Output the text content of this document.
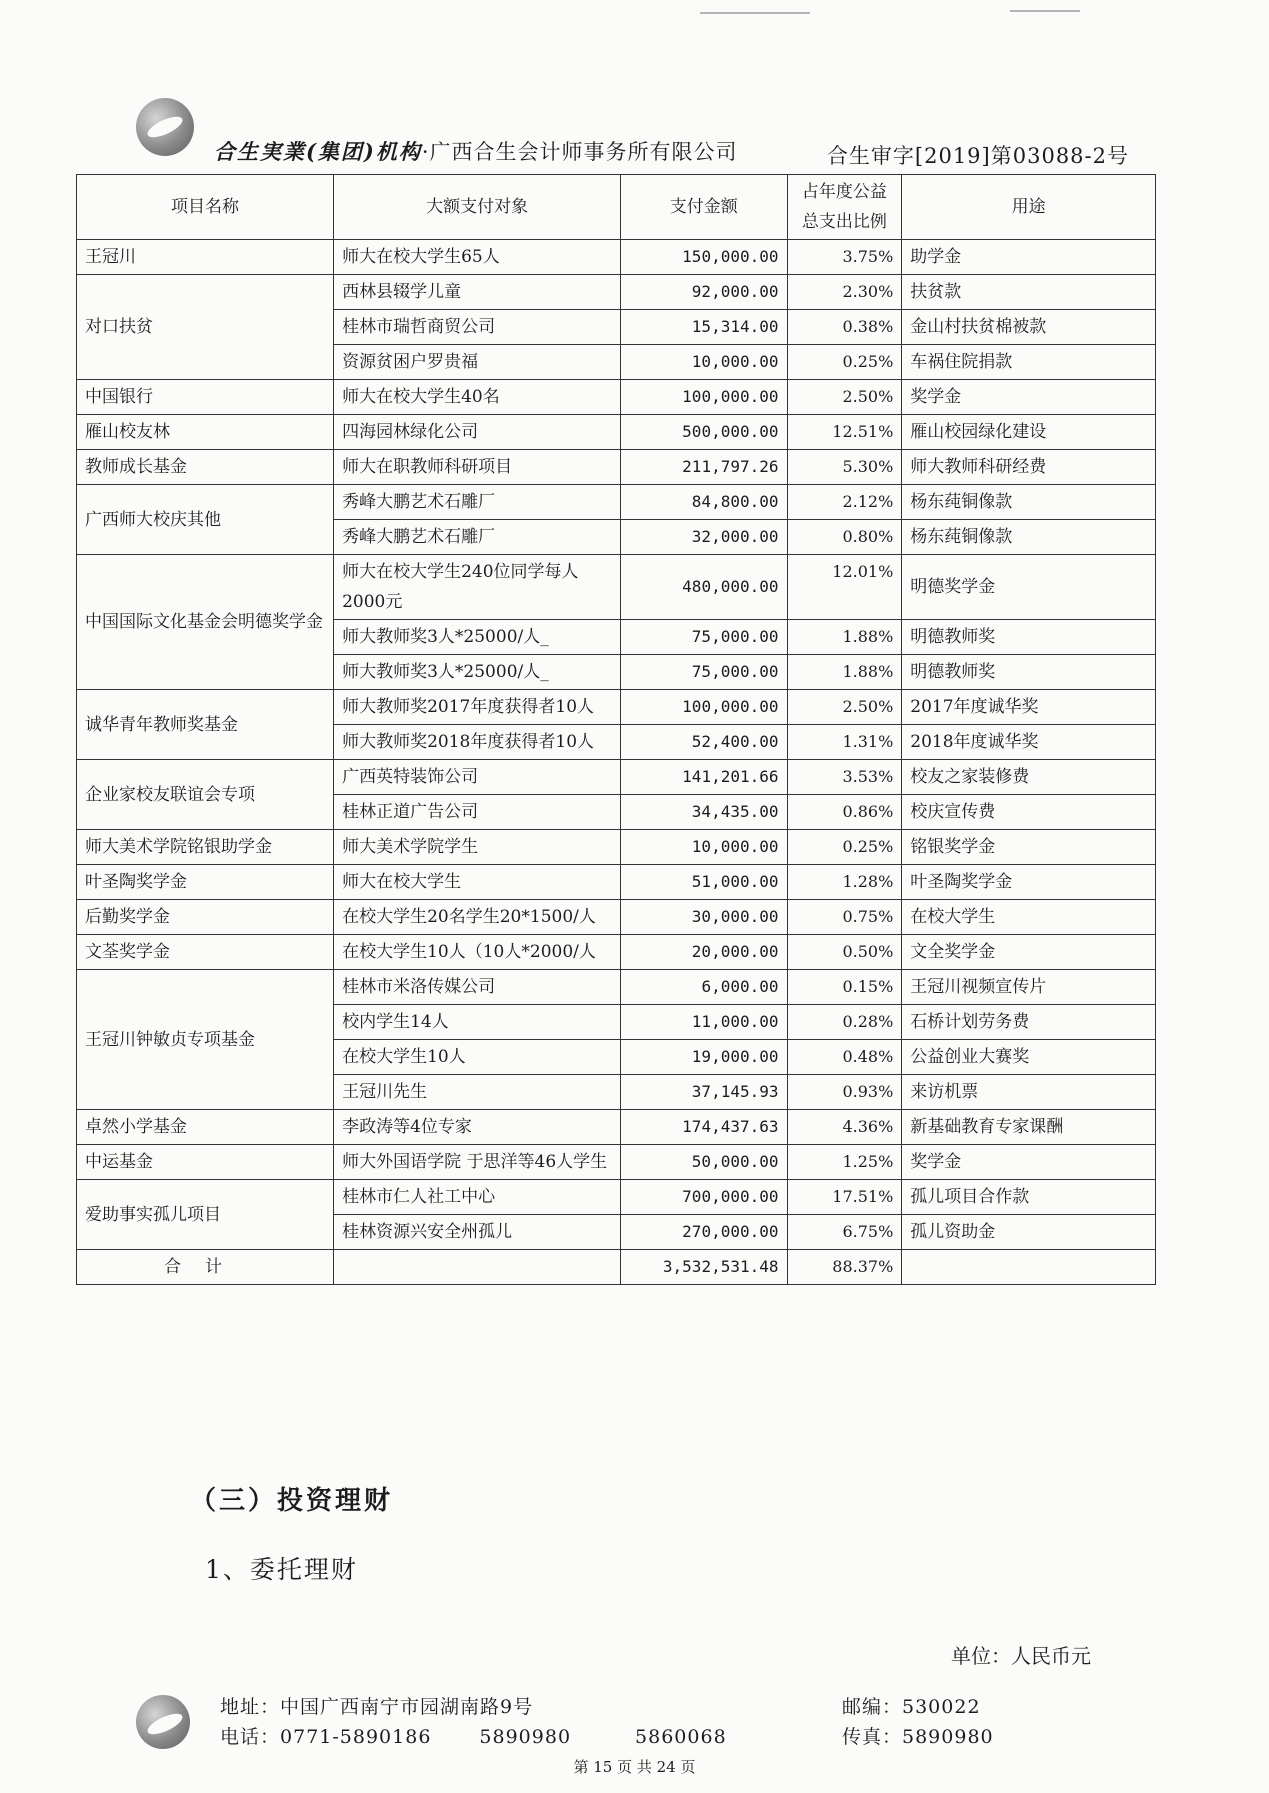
合生実業(集团)机构·广西合生会计师事务所有限公司	合生审字[2019]第03088-2号
项目名称	大额支付对象	支付金额	占年度公益总支出比例	用途
王冠川	师大在校大学生65人	150,000.00	3.75%	助学金
对口扶贫	西林县辍学儿童	92,000.00	2.30%	扶贫款
	桂林市瑞哲商贸公司	15,314.00	0.38%	金山村扶贫棉被款
	资源贫困户罗贵福	10,000.00	0.25%	车祸住院捐款
中国银行	师大在校大学生40名	100,000.00	2.50%	奖学金
雁山校友林	四海园林绿化公司	500,000.00	12.51%	雁山校园绿化建设
教师成长基金	师大在职教师科研项目	211,797.26	5.30%	师大教师科研经费
广西师大校庆其他	秀峰大鹏艺术石雕厂	84,800.00	2.12%	杨东莼铜像款
	秀峰大鹏艺术石雕厂	32,000.00	0.80%	杨东莼铜像款
中国国际文化基金会明德奖学金	师大在校大学生240位同学每人2000元	480,000.00	12.01%	明德奖学金
	师大教师奖3人*25000/人_	75,000.00	1.88%	明德教师奖
	师大教师奖3人*25000/人_	75,000.00	1.88%	明德教师奖
诚华青年教师奖基金	师大教师奖2017年度获得者10人	100,000.00	2.50%	2017年度诚华奖
	师大教师奖2018年度获得者10人	52,400.00	1.31%	2018年度诚华奖
企业家校友联谊会专项	广西英特装饰公司	141,201.66	3.53%	校友之家装修费
	桂林正道广告公司	34,435.00	0.86%	校庆宣传费
师大美术学院铭银助学金	师大美术学院学生	10,000.00	0.25%	铭银奖学金
叶圣陶奖学金	师大在校大学生	51,000.00	1.28%	叶圣陶奖学金
后勤奖学金	在校大学生20名学生20*1500/人	30,000.00	0.75%	在校大学生
文荃奖学金	在校大学生10人（10人*2000/人	20,000.00	0.50%	文全奖学金
王冠川钟敏贞专项基金	桂林市米洛传媒公司	6,000.00	0.15%	王冠川视频宣传片
	校内学生14人	11,000.00	0.28%	石桥计划劳务费
	在校大学生10人	19,000.00	0.48%	公益创业大赛奖
	王冠川先生	37,145.93	0.93%	来访机票
卓然小学基金	李政涛等4位专家	174,437.63	4.36%	新基础教育专家课酬
中运基金	师大外国语学院 于思洋等46人学生	50,000.00	1.25%	奖学金
爱助事实孤儿项目	桂林市仁人社工中心	700,000.00	17.51%	孤儿项目合作款
	桂林资源兴安全州孤儿	270,000.00	6.75%	孤儿资助金
合计		3,532,531.48	88.37%	
（三）投资理财
1、委托理财
单位：人民币元
地址：中国广西南宁市园湖南路9号
电话：0771-5890186	5890980	5860068
邮编：530022
传真：5890980
第 15 页 共 24 页
